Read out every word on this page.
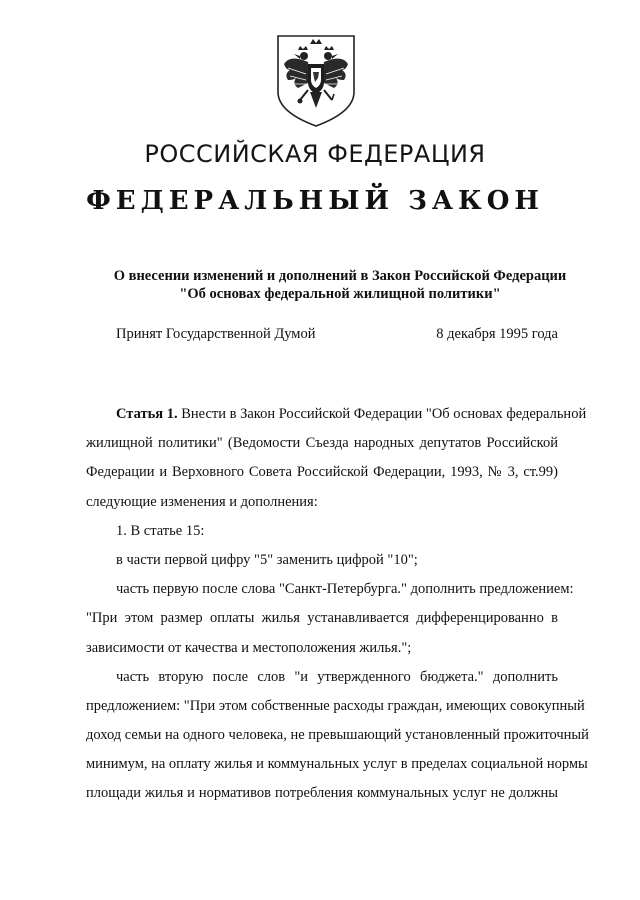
РОССИЙСКАЯ ФЕДЕРАЦИЯ
ФЕДЕРАЛЬНЫЙ ЗАКОН
О внесении изменений и дополнений в Закон Российской Федерации
"Об основах федеральной жилищной политики"
Принят Государственной Думой	8 декабря 1995 года
Статья 1. Внести в Закон Российской Федерации "Об основах федеральной
жилищной политики" (Ведомости Съезда народных депутатов Российской
Федерации и Верховного Совета Российской Федерации, 1993, № 3, ст.99)
следующие изменения и дополнения:
1. В статье 15:
в части первой цифру "5" заменить цифрой "10";
часть первую после слова "Санкт-Петербурга." дополнить предложением:
"При этом размер оплаты жилья устанавливается дифференцированно в
зависимости от качества и местоположения жилья.";
часть вторую после слов "и утвержденного бюджета." дополнить
предложением: "При этом собственные расходы граждан, имеющих совокупный
доход семьи на одного человека, не превышающий установленный прожиточный
минимум, на оплату жилья и коммунальных услуг в пределах социальной нормы
площади жилья и нормативов потребления коммунальных услуг не должны
